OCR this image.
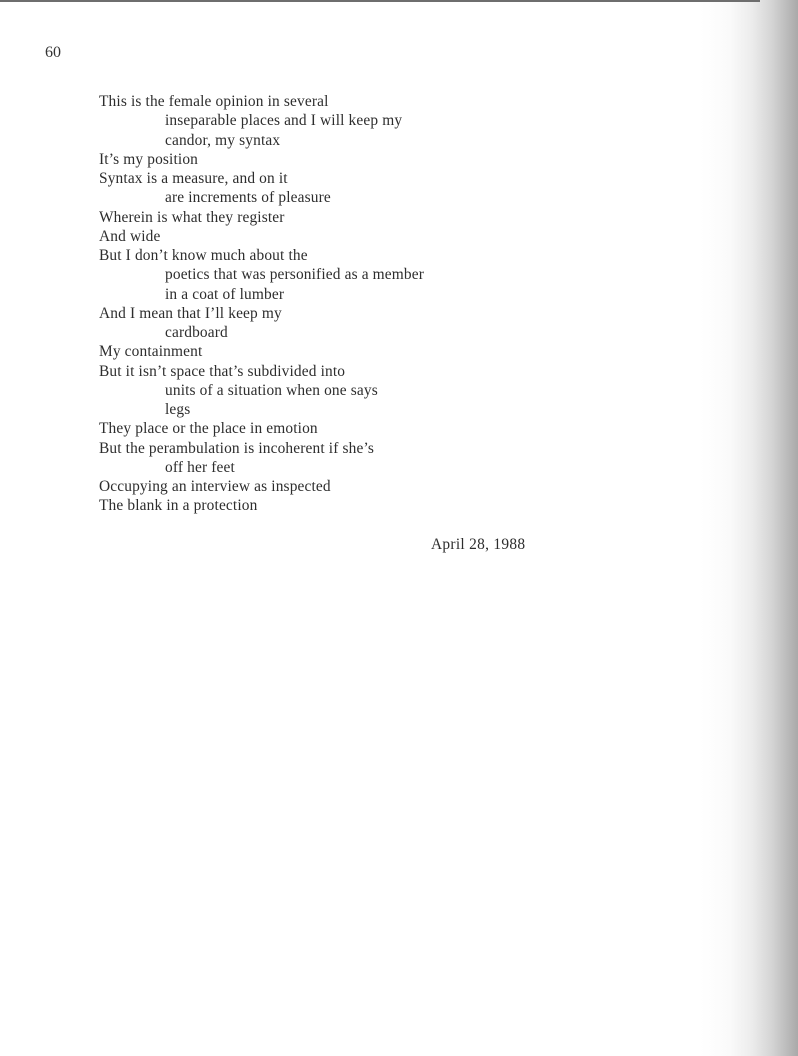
60

This is the female opinion in several
inseparable places and I will keep my
candor, my syntax
It’s my position
Syntax is a measure, and on it
are increments of pleasure
Wherein is what they register
And wide
But I don’t know much about the
poetics that was personified as a member
in a coat of lumber
And I mean that I’ll keep my
cardboard
My containment
But it isn’t space that’s subdivided into
units of a situation when one says
legs
They place or the place in emotion
But the perambulation is incoherent if she’s
off her feet
Occupying an interview as inspected
The blank in a protection

April 28, 1988
